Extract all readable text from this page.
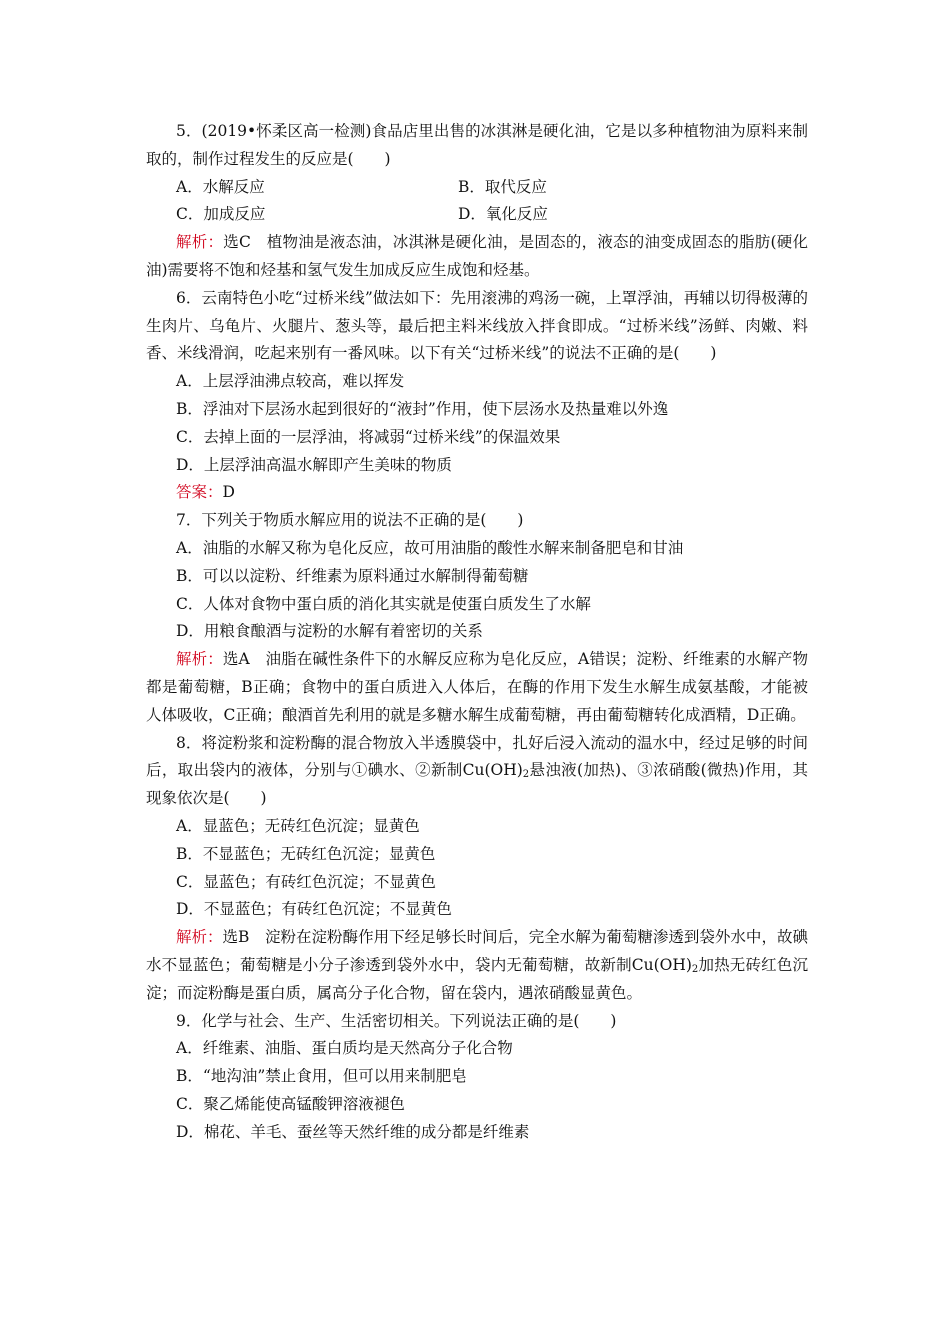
5．(2019•怀柔区高一检测)食品店里出售的冰淇淋是硬化油，它是以多种植物油为原料来制取的，制作过程发生的反应是(　　)

A．水解反应	B．取代反应
C．加成反应	D．氧化反应

解析：选C　植物油是液态油，冰淇淋是硬化油，是固态的，液态的油变成固态的脂肪(硬化油)需要将不饱和烃基和氢气发生加成反应生成饱和烃基。

6．云南特色小吃“过桥米线”做法如下：先用滚沸的鸡汤一碗，上罩浮油，再辅以切得极薄的生肉片、乌龟片、火腿片、葱头等，最后把主料米线放入拌食即成。“过桥米线”汤鲜、肉嫩、料香、米线滑润，吃起来别有一番风味。以下有关“过桥米线”的说法不正确的是(　　)

A．上层浮油沸点较高，难以挥发

B．浮油对下层汤水起到很好的“液封”作用，使下层汤水及热量难以外逸

C．去掉上面的一层浮油，将减弱“过桥米线”的保温效果

D．上层浮油高温水解即产生美味的物质

答案：D

7．下列关于物质水解应用的说法不正确的是(　　)

A．油脂的水解又称为皂化反应，故可用油脂的酸性水解来制备肥皂和甘油

B．可以以淀粉、纤维素为原料通过水解制得葡萄糖

C．人体对食物中蛋白质的消化其实就是使蛋白质发生了水解

D．用粮食酿酒与淀粉的水解有着密切的关系

解析：选A　油脂在碱性条件下的水解反应称为皂化反应，A错误；淀粉、纤维素的水解产物都是葡萄糖，B正确；食物中的蛋白质进入人体后，在酶的作用下发生水解生成氨基酸，才能被人体吸收，C正确；酿酒首先利用的就是多糖水解生成葡萄糖，再由葡萄糖转化成酒精，D正确。

8．将淀粉浆和淀粉酶的混合物放入半透膜袋中，扎好后浸入流动的温水中，经过足够的时间后，取出袋内的液体，分别与①碘水、②新制$Cu(OH)_2$悬浊液(加热)、③浓硝酸(微热)作用，其现象依次是(　　)

A．显蓝色；无砖红色沉淀；显黄色

B．不显蓝色；无砖红色沉淀；显黄色

C．显蓝色；有砖红色沉淀；不显黄色

D．不显蓝色；有砖红色沉淀；不显黄色

解析：选B　淀粉在淀粉酶作用下经足够长时间后，完全水解为葡萄糖渗透到袋外水中，故碘水不显蓝色；葡萄糖是小分子渗透到袋外水中，袋内无葡萄糖，故新制$Cu(OH)_2$加热无砖红色沉淀；而淀粉酶是蛋白质，属高分子化合物，留在袋内，遇浓硝酸显黄色。

9．化学与社会、生产、生活密切相关。下列说法正确的是(　　)

A．纤维素、油脂、蛋白质均是天然高分子化合物

B．“地沟油”禁止食用，但可以用来制肥皂

C．聚乙烯能使高锰酸钾溶液褪色

D．棉花、羊毛、蚕丝等天然纤维的成分都是纤维素
